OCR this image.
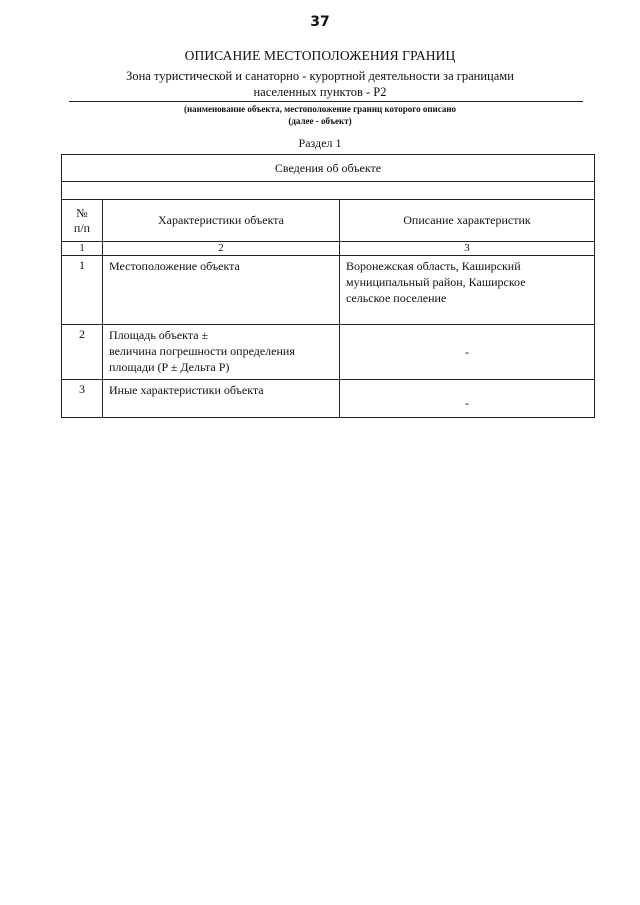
37
ОПИСАНИЕ МЕСТОПОЛОЖЕНИЯ ГРАНИЦ
Зона туристической и санаторно - курортной деятельности за границами
населенных пунктов - Р2
(наименование объекта, местоположение границ которого описано
(далее - объект)
Раздел 1
Сведения об объекте		

№
п/п	Характеристики объекта	Описание характеристик
1	2	3
1	Местоположение объекта	Воронежская область, Каширский
муниципальный район, Каширское
сельское поселение

2	Площадь объекта ±
величина погрешности определения
площади (P ± Дельта P)	-
3	Иные характеристики объекта	-
